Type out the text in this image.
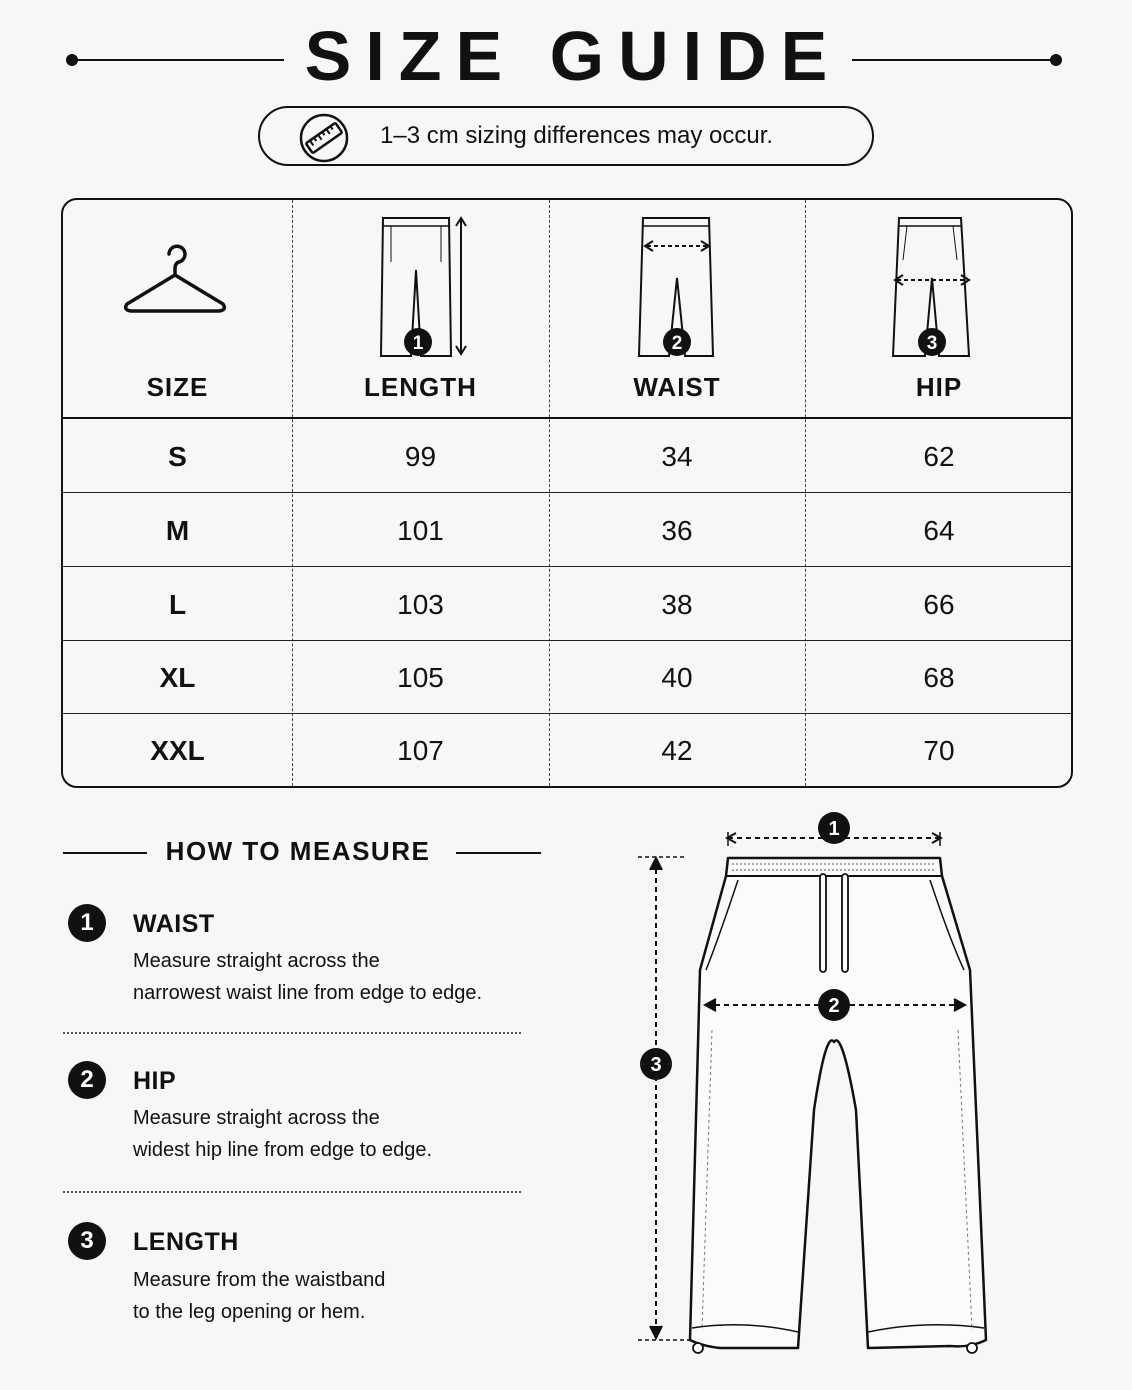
SIZE GUIDE
1–3 cm sizing differences may occur.
1	2	3
SIZE	LENGTH	WAIST	HIP
S	99	34	62
M	101	36	64
L	103	38	66
XL	105	40	68
XXL	107	42	70
HOW TO MEASURE
1	WAIST
Measure straight across the
narrowest waist line from edge to edge.
2	HIP
Measure straight across the
widest hip line from edge to edge.
3	LENGTH
Measure from the waistband
to the leg opening or hem.
1
3
2
